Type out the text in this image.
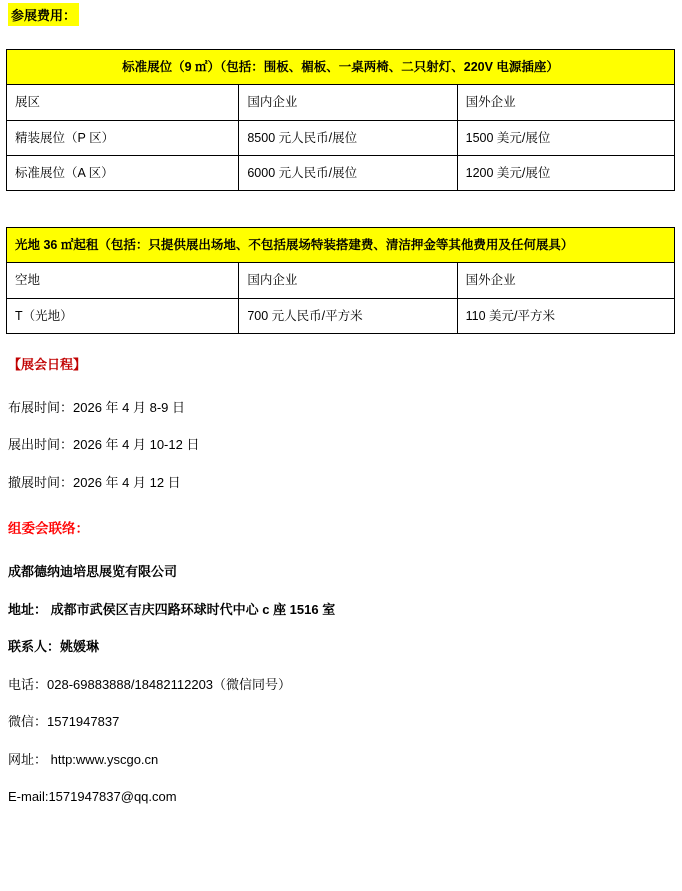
参展费用：
标准展位（9 ㎡）（包括：围板、楣板、一桌两椅、二只射灯、220V 电源插座）		
展区	国内企业	国外企业
精装展位（P 区）	8500 元人民币/展位	1500 美元/展位
标准展位（A 区）	6000 元人民币/展位	1200 美元/展位
光地 36 ㎡起租（包括：只提供展出场地、不包括展场特装搭建费、清洁押金等其他费用及任何展具）		
空地	国内企业	国外企业
T（光地）	700 元人民币/平方米	110 美元/平方米
【展会日程】
布展时间：2026 年 4 月 8-9 日
展出时间：2026 年 4 月 10-12 日
撤展时间：2026 年 4 月 12 日
组委会联络：
成都德纳迪培思展览有限公司
地址： 成都市武侯区吉庆四路环球时代中心 c 座 1516 室
联系人：姚媛琳
电话：028-69883888/18482112203（微信同号）
微信：1571947837
网址： http:www.yscgo.cn
E-mail:1571947837@qq.com
